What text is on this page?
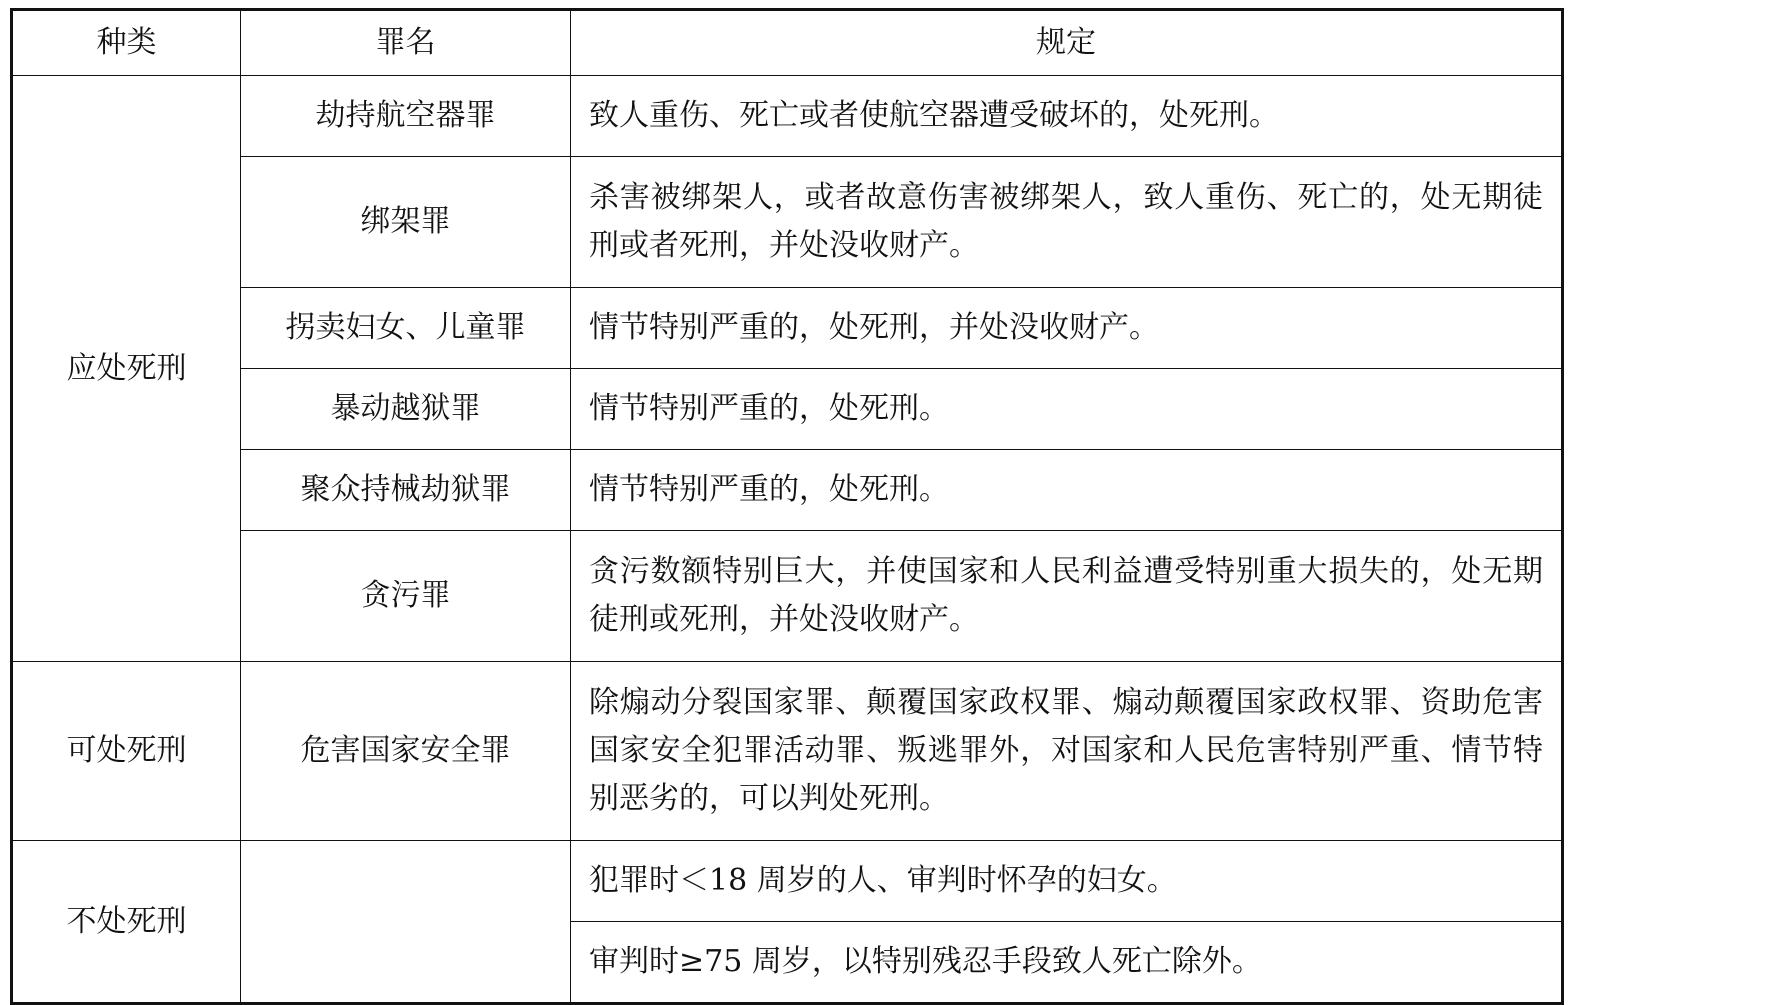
种类	罪名	规定
应处死刑	劫持航空器罪	致人重伤、死亡或者使航空器遭受破坏的，处死刑。
	绑架罪	杀害被绑架人，或者故意伤害被绑架人，致人重伤、死亡的，处无期徒刑或者死刑，并处没收财产。
	拐卖妇女、儿童罪	情节特别严重的，处死刑，并处没收财产。
	暴动越狱罪	情节特别严重的，处死刑。
	聚众持械劫狱罪	情节特别严重的，处死刑。
	贪污罪	贪污数额特别巨大，并使国家和人民利益遭受特别重大损失的，处无期徒刑或死刑，并处没收财产。
可处死刑	危害国家安全罪	除煽动分裂国家罪、颠覆国家政权罪、煽动颠覆国家政权罪、资助危害国家安全犯罪活动罪、叛逃罪外，对国家和人民危害特别严重、情节特别恶劣的，可以判处死刑。
不处死刑		犯罪时＜18 周岁的人、审判时怀孕的妇女。
		审判时≥75 周岁，以特别残忍手段致人死亡除外。
